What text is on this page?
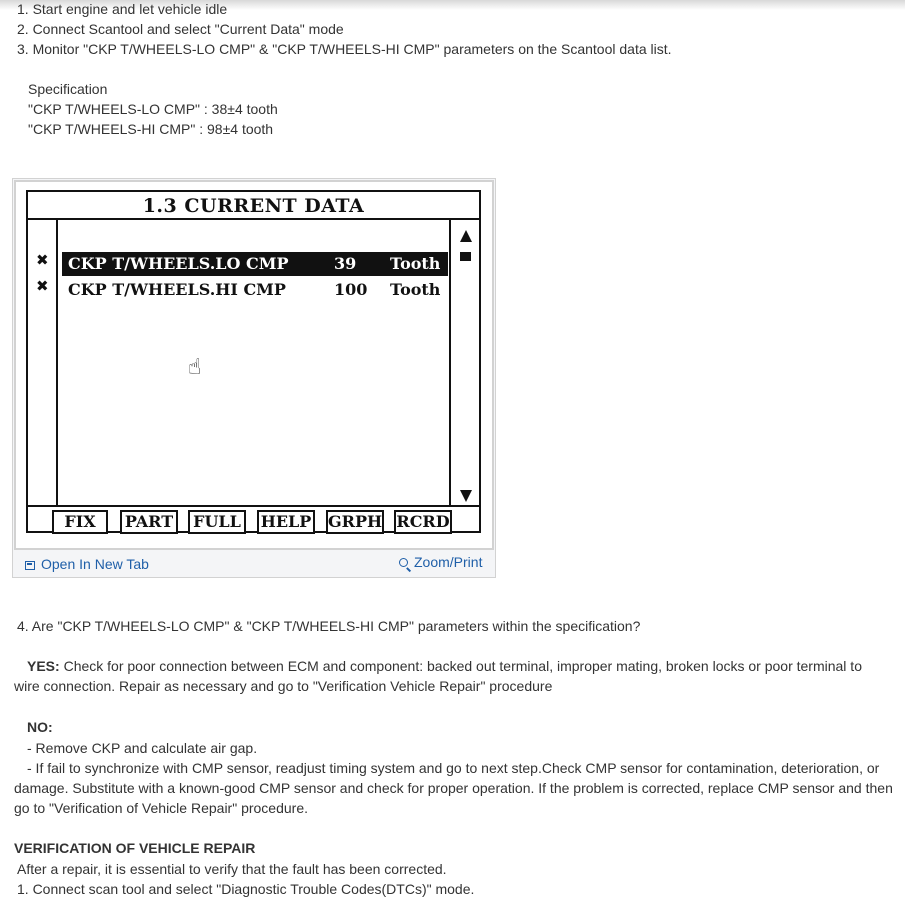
1. Start engine and let vehicle idle
2. Connect Scantool and select "Current Data" mode
3. Monitor "CKP T/WHEELS-LO CMP" & "CKP T/WHEELS-HI CMP" parameters on the Scantool data list.
Specification
"CKP T/WHEELS-LO CMP" : 38±4 tooth
"CKP T/WHEELS-HI CMP" : 98±4 tooth
1.3 CURRENT DATA
✖
✖
CKP T/WHEELS.LO CMP	39 Tooth
CKP T/WHEELS.HI CMP	100 Tooth
☝
FIX	PART	FULL	HELP GRPH RCRD
Open In New Tab	Zoom/Print
4. Are "CKP T/WHEELS-LO CMP" & "CKP T/WHEELS-HI CMP" parameters within the specification?
YES: Check for poor connection between ECM and component: backed out terminal, improper mating, broken locks or poor terminal to wire connection. Repair as necessary and go to "Verification Vehicle Repair" procedure
NO:
- Remove CKP and calculate air gap.
- If fail to synchronize with CMP sensor, readjust timing system and go to next step.Check CMP sensor for contamination, deterioration, or damage. Substitute with a known-good CMP sensor and check for proper operation. If the problem is corrected, replace CMP sensor and then go to "Verification of Vehicle Repair" procedure.
VERIFICATION OF VEHICLE REPAIR
After a repair, it is essential to verify that the fault has been corrected.
1. Connect scan tool and select "Diagnostic Trouble Codes(DTCs)" mode.
